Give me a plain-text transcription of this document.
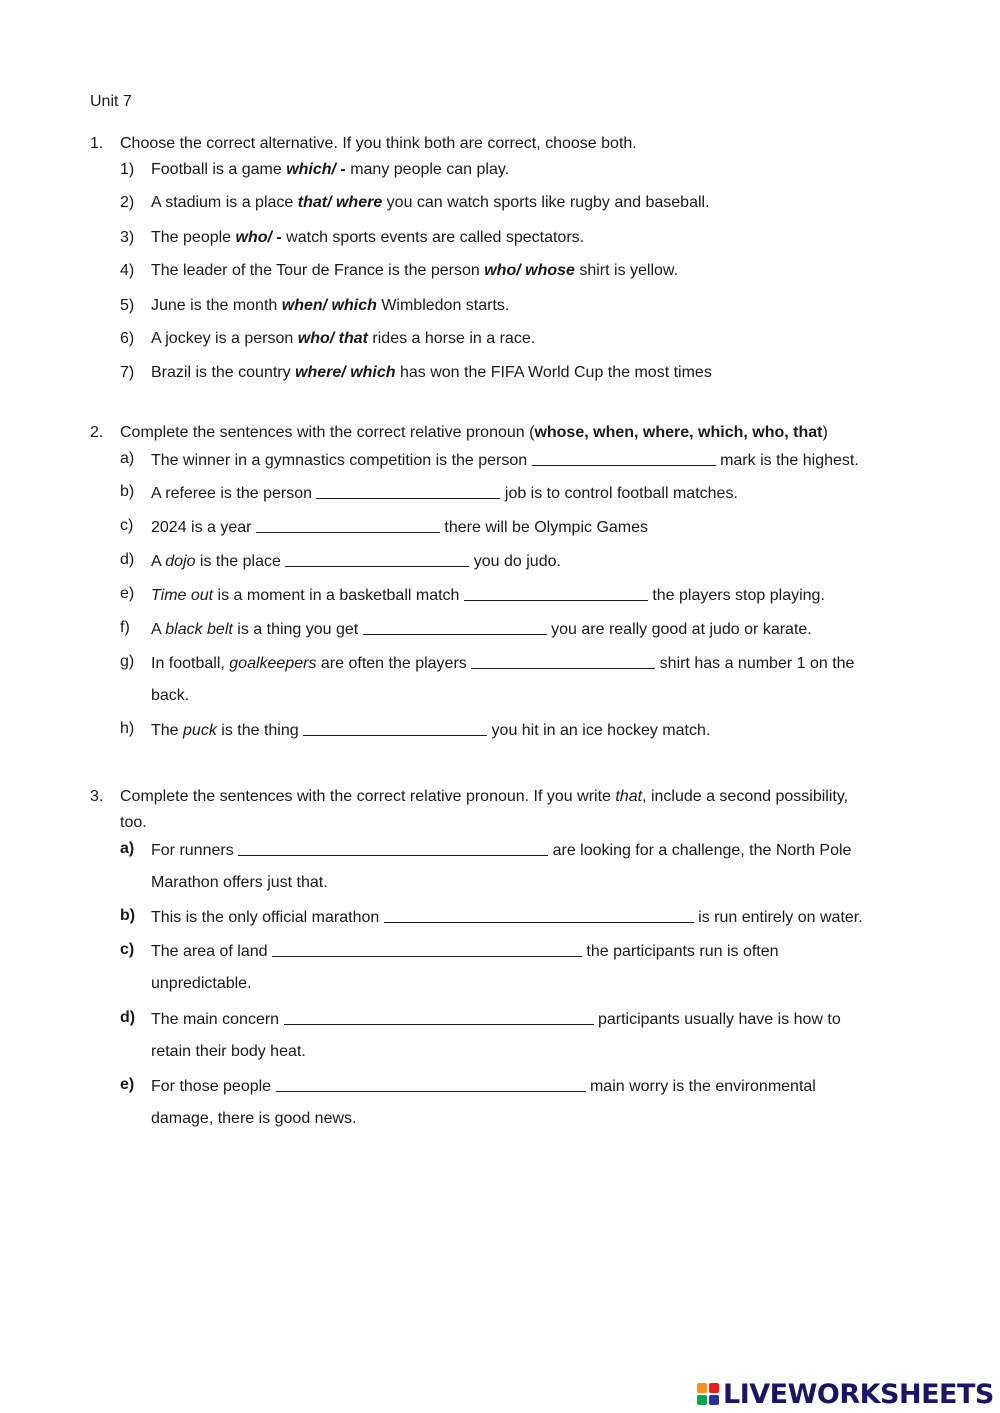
Unit 7
1.	Choose the correct alternative. If you think both are correct, choose both.
1) Football is a game which/ - many people can play.
2) A stadium is a place that/ where you can watch sports like rugby and baseball.
3) The people who/ - watch sports events are called spectators.
4) The leader of the Tour de France is the person who/ whose shirt is yellow.
5) June is the month when/ which Wimbledon starts.
6) A jockey is a person who/ that rides a horse in a race.
7) Brazil is the country where/ which has won the FIFA World Cup the most times
2.	Complete the sentences with the correct relative pronoun (whose, when, where, which, who, that)
a) The winner in a gymnastics competition is the person	mark is the highest.
b) A referee is the person	job is to control football matches.
c) 2024 is a year	there will be Olympic Games
d) A dojo is the place	you do judo.
e) Time out is a moment in a basketball match	the players stop playing.
f) A black belt is a thing you get	you are really good at judo or karate.
g) In football, goalkeepers are often the players	shirt has a number 1 on the
back.
h) The puck is the thing	you hit in an ice hockey match.
3.	Complete the sentences with the correct relative pronoun. If you write that, include a second possibility,
too.
a) For runners	are looking for a challenge, the North Pole
Marathon offers just that.
b) This is the only official marathon	is run entirely on water.
c) The area of land	the participants run is often
unpredictable.
d) The main concern	participants usually have is how to
retain their body heat.
e) For those people	main worry is the environmental
damage, there is good news.
LIVEWORKSHEETS
